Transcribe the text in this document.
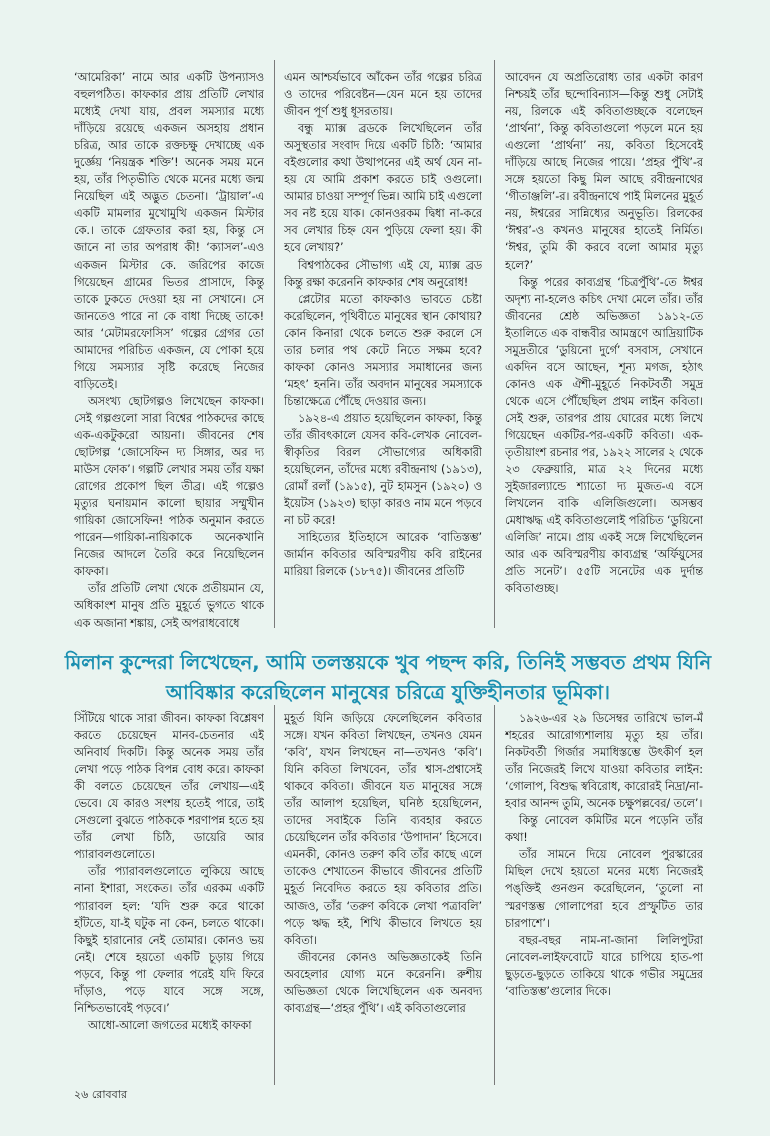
‘আমেরিকা’ নামে আর একটি উপন্যাসও বহুলপঠিত। কাফকার প্রায় প্রতিটি লেখার মধ্যেই দেখা যায়, প্রবল সমস্যার মধ্যে দাঁড়িয়ে রয়েছে একজন অসহায় প্রধান চরিত্র, আর তাকে রক্তচক্ষু দেখাচ্ছে এক দুর্জ্ঞেয় ‘নিয়ন্ত্রক শক্তি’! অনেক সময় মনে হয়, তাঁর পিতৃভীতি থেকে মনের মধ্যে জন্ম নিয়েছিল এই অদ্ভুত চেতনা। ‘ট্রায়াল’-এ একটি মামলার মুখোমুখি একজন মিস্টার কে.। তাকে গ্রেফতার করা হয়, কিন্তু সে জানে না তার অপরাধ কী! ‘ক্যাসল’-এও একজন মিস্টার কে. জরিপের কাজে গিয়েছেন গ্রামের ভিতর প্রাসাদে, কিন্তু তাকে ঢুকতে দেওয়া হয় না সেখানে। সে জানতেও পারে না কে বাধা দিচ্ছে তাকে! আর ‘মেটামরফোসিস’ গল্পের গ্রেগর তো আমাদের পরিচিত একজন, যে পোকা হয়ে গিয়ে সমস্যার সৃষ্টি করেছে নিজের বাড়িতেই।

অসংখ্য ছোটগল্পও লিখেছেন কাফকা। সেই গল্পগুলো সারা বিশ্বের পাঠকদের কাছে এক-একটুকরো আয়না। জীবনের শেষ ছোটগল্প ‘জোসেফিন দ্য সিঙ্গার, অর দ্য মাউস ফোক’। গল্পটি লেখার সময় তাঁর যক্ষা রোগের প্রকোপ ছিল তীব্র। এই গল্পেও মৃত্যুর ঘনায়মান কালো ছায়ার সম্মুখীন গায়িকা জোসেফিন! পাঠক অনুমান করতে পারেন—গায়িকা-নায়িকাকে অনেকখানি নিজের আদলে তৈরি করে নিয়েছিলেন কাফকা।

তাঁর প্রতিটি লেখা থেকে প্রতীয়মান যে, অধিকাংশ মানুষ প্রতি মুহূর্তে ভুগতে থাকে এক অজানা শঙ্কায়, সেই অপরাধবোধে

এমন আশ্চর্যভাবে আঁকেন তাঁর গল্পের চরিত্র ও তাদের পরিবেষ্টন—যেন মনে হয় তাদের জীবন পূর্ণ শুধু ধূসরতায়।

বন্ধু ম্যাক্স ব্রডকে লিখেছিলেন তাঁর অসুস্থতার সংবাদ দিয়ে একটি চিঠি: ‘আমার বইগুলোর কথা উত্থাপনের এই অর্থ যেন না-হয় যে আমি প্রকাশ করতে চাই ওগুলো। আমার চাওয়া সম্পূর্ণ ভিন্ন। আমি চাই এগুলো সব নষ্ট হয়ে যাক। কোনওরকম দ্বিধা না-করে সব লেখার চিহ্ন যেন পুড়িয়ে ফেলা হয়। কী হবে লেখায়?’

বিশ্বপাঠকের সৌভাগ্য এই যে, ম্যাক্স ব্রড কিন্তু রক্ষা করেননি কাফকার শেষ অনুরোধ!

প্লেটোর মতো কাফকাও ভাবতে চেষ্টা করেছিলেন, পৃথিবীতে মানুষের স্থান কোথায়? কোন কিনারা থেকে চলতে শুরু করলে সে তার চলার পথ কেটে নিতে সক্ষম হবে? কাফকা কোনও সমস্যার সমাধানের জন্য ‘মহৎ’ হননি। তাঁর অবদান মানুষের সমস্যাকে চিন্তাক্ষেত্রে পৌঁছে দেওয়ার জন্য।

১৯২৪-এ প্রয়াত হয়েছিলেন কাফকা, কিন্তু তাঁর জীবৎকালে যেসব কবি-লেখক নোবেল-স্বীকৃতির বিরল সৌভাগ্যের অধিকারী হয়েছিলেন, তাঁদের মধ্যে রবীন্দ্রনাথ (১৯১৩), রোমাঁ রলাঁ (১৯১৫), নুট হামসুন (১৯২০) ও ইয়েটস (১৯২৩) ছাড়া কারও নাম মনে পড়বে না চট করে!

সাহিত্যের ইতিহাসে আরেক ‘বাতিস্তম্ভ’ জার্মান কবিতার অবিস্মরণীয় কবি রাইনের মারিয়া রিলকে (১৮৭৫)। জীবনের প্রতিটি

আবেদন যে অপ্রতিরোধ্য তার একটা কারণ নিশ্চয়ই তাঁর ছন্দোবিন্যাস—কিন্তু শুধু সেটাই নয়, রিলকে এই কবিতাগুচ্ছকে বলেছেন ‘প্রার্থনা’, কিন্তু কবিতাগুলো পড়লে মনে হয় এগুলো ‘প্রার্থনা’ নয়, কবিতা হিসেবেই দাঁড়িয়ে আছে নিজের পায়ে। ‘প্রহর পুঁথি’-র সঙ্গে হয়তো কিছু মিল আছে রবীন্দ্রনাথের ‘গীতাঞ্জলি’-র। রবীন্দ্রনাথে পাই মিলনের মুহূর্ত নয়, ঈশ্বরের সান্নিধ্যের অনুভূতি। রিলকের ‘ঈশ্বর’-ও কখনও মানুষের হাতেই নির্মিত। ‘ঈশ্বর, তুমি কী করবে বলো আমার মৃত্যু হলে?’

কিন্তু পরের কাব্যগ্রন্থ ‘চিত্রপুঁথি’-তে ঈশ্বর অদৃশ্য না-হলেও কচিৎ দেখা মেলে তাঁর। তাঁর জীবনের শ্রেষ্ঠ অভিজ্ঞতা ১৯১২-তে ইতালিতে এক বান্ধবীর আমন্ত্রণে আদ্রিয়াটিক সমুদ্রতীরে ‘ডুয়িনো দুর্গে’ বসবাস, সেখানে একদিন বসে আছেন, শূন্য মগজ, হঠাৎ কোনও এক ঐশী-মুহূর্তে নিকটবর্তী সমুদ্র থেকে এসে পৌঁছেছিল প্রথম লাইন কবিতা। সেই শুরু, তারপর প্রায় ঘোরের মধ্যে লিখে গিয়েছেন একটির-পর-একটি কবিতা। এক-তৃতীয়াংশ রচনার পর, ১৯২২ সালের ২ থেকে ২৩ ফেব্রুয়ারি, মাত্র ২২ দিনের মধ্যে সুইজারল্যান্ডে শ্যাতো দ্য মুজত-এ বসে লিখলেন বাকি এলিজিগুলো। অসম্ভব মেধাঋদ্ধ এই কবিতাগুলোই পরিচিত ‘ডুয়িনো এলিজি’ নামে। প্রায় একই সঙ্গে লিখেছিলেন আর এক অবিস্মরণীয় কাব্যগ্রন্থ ‘অর্ফিয়ুসের প্রতি সনেট’। ৫৫টি সনেটের এক দুর্দান্ত কবিতাগুচ্ছ।

মিলান কুন্দেরা লিখেছেন, আমি তলস্তয়কে খুব পছন্দ করি, তিনিই সম্ভবত প্রথম যিনি আবিষ্কার করেছিলেন মানুষের চরিত্রে যুক্তিহীনতার ভূমিকা।

সিঁটিয়ে থাকে সারা জীবন। কাফকা বিশ্লেষণ করতে চেয়েছেন মানব-চেতনার এই অনিবার্য দিকটি। কিন্তু অনেক সময় তাঁর লেখা পড়ে পাঠক বিপন্ন বোধ করে। কাফকা কী বলতে চেয়েছেন তাঁর লেখায়—এই ভেবে। যে কারও সংশয় হতেই পারে, তাই সেগুলো বুঝতে পাঠককে শরণাপন্ন হতে হয় তাঁর লেখা চিঠি, ডায়েরি আর প্যারাবলগুলোতে।

তাঁর প্যারাবলগুলোতে লুকিয়ে আছে নানা ইশারা, সংকেত। তাঁর এরকম একটি প্যারাবল হল: ‘যদি শুরু করে থাকো হাঁটতে, যা-ই ঘটুক না কেন, চলতে থাকো। কিছুই হারানোর নেই তোমার। কোনও ভয় নেই। শেষে হয়তো একটি চূড়ায় গিয়ে পড়বে, কিন্তু পা ফেলার পরেই যদি ফিরে দাঁড়াও, পড়ে যাবে সঙ্গে সঙ্গে, নিশ্চিতভাবেই পড়বে।’

আধো-আলো জগতের মধ্যেই কাফকা

মুহূর্ত যিনি জড়িয়ে ফেলেছিলেন কবিতার সঙ্গে। যখন কবিতা লিখছেন, তখনও যেমন ‘কবি’, যখন লিখছেন না—তখনও ‘কবি’। যিনি কবিতা লিখবেন, তাঁর শ্বাস-প্রশ্বাসেই থাকবে কবিতা। জীবনে যত মানুষের সঙ্গে তাঁর আলাপ হয়েছিল, ঘনিষ্ঠ হয়েছিলেন, তাদের সবাইকে তিনি ব্যবহার করতে চেয়েছিলেন তাঁর কবিতার ‘উপাদান’ হিসেবে। এমনকী, কোনও তরুণ কবি তাঁর কাছে এলে তাকেও শেখাতেন কীভাবে জীবনের প্রতিটি মুহূর্ত নিবেদিত করতে হয় কবিতার প্রতি। আজও, তাঁর ‘তরুণ কবিকে লেখা পত্রাবলি’ পড়ে ঋদ্ধ হই, শিখি কীভাবে লিখতে হয় কবিতা।

জীবনের কোনও অভিজ্ঞতাকেই তিনি অবহেলার যোগ্য মনে করেননি। রুশীয় অভিজ্ঞতা থেকে লিখেছিলেন এক অনবদ্য কাব্যগ্রন্থ—‘প্রহর পুঁথি’। এই কবিতাগুলোর

১৯২৬-এর ২৯ ডিসেম্বর তারিখে ভাল-মঁ শহরের আরোগ্যশালায় মৃত্যু হয় তাঁর। নিকটবর্তী গির্জার সমাধিস্তম্ভে উৎকীর্ণ হল তাঁর নিজেরই লিখে যাওয়া কবিতার লাইন: ‘গোলাপ, বিশুদ্ধ স্ববিরোধ, কারোরই নিদ্রা/না-হবার আনন্দ তুমি, অনেক চক্ষুপল্লবের/ তলে’।

কিন্তু নোবেল কমিটির মনে পড়েনি তাঁর কথা!

তাঁর সামনে দিয়ে নোবেল পুরস্কারের মিছিল দেখে হয়তো মনের মধ্যে নিজেরই পঙ্‌ক্তিই গুনগুন করেছিলেন, ‘তুলো না স্মরণস্তম্ভ গোলাপেরা হবে প্রস্ফুটিত তার চারপাশে’।

বছর-বছর নাম-না-জানা লিলিপুটরা নোবেল-লাইফবোটে যারে চাপিয়ে হাত-পা ছুড়তে-ছুড়তে তাকিয়ে থাকে গভীর সমুদ্রের ‘বাতিস্তম্ভ’গুলোর দিকে।

২৬ রোববার
